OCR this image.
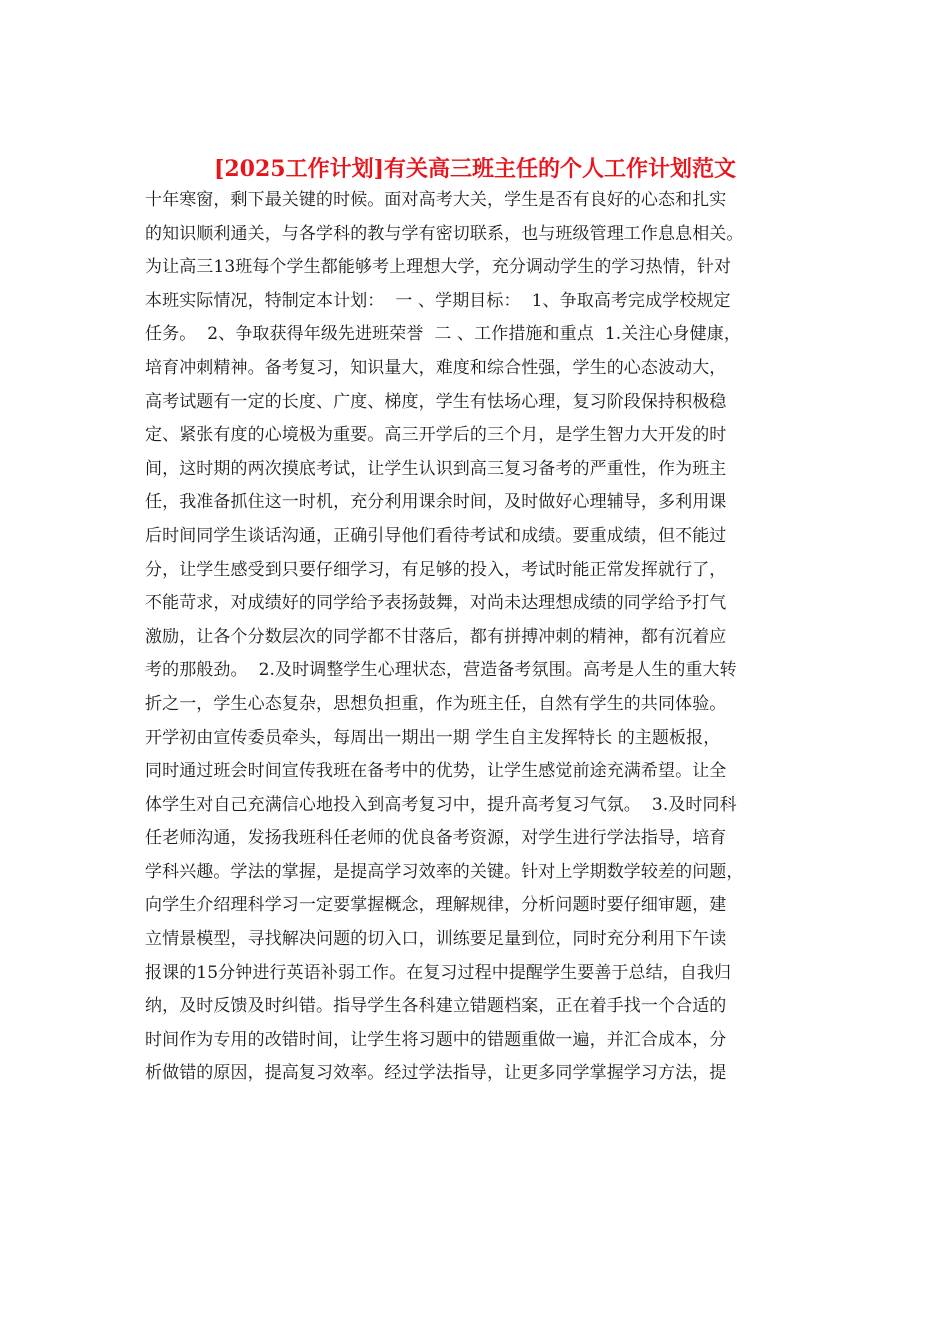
[2025工作计划]有关高三班主任的个人工作计划范文
十年寒窗，剩下最关键的时候。面对高考大关，学生是否有良好的心态和扎实
的知识顺利通关，与各学科的教与学有密切联系，也与班级管理工作息息相关。
为让高三13班每个学生都能够考上理想大学，充分调动学生的学习热情，针对
本班实际情况，特制定本计划：  一 、学期目标：  1、争取高考完成学校规定
任务。  2、争取获得年级先进班荣誉  二 、工作措施和重点  1.关注心身健康，
培育冲刺精神。备考复习，知识量大，难度和综合性强，学生的心态波动大，
高考试题有一定的长度、广度、梯度，学生有怯场心理，复习阶段保持积极稳
定、紧张有度的心境极为重要。高三开学后的三个月，是学生智力大开发的时
间，这时期的两次摸底考试，让学生认识到高三复习备考的严重性，作为班主
任，我准备抓住这一时机，充分利用课余时间，及时做好心理辅导，多利用课
后时间同学生谈话沟通，正确引导他们看待考试和成绩。要重成绩，但不能过
分，让学生感受到只要仔细学习，有足够的投入，考试时能正常发挥就行了，
不能苛求，对成绩好的同学给予表扬鼓舞，对尚未达理想成绩的同学给予打气
激励，让各个分数层次的同学都不甘落后，都有拼搏冲刺的精神，都有沉着应
考的那般劲。  2.及时调整学生心理状态，营造备考氛围。高考是人生的重大转
折之一，学生心态复杂，思想负担重，作为班主任，自然有学生的共同体验。
开学初由宣传委员牵头，每周出一期出一期 学生自主发挥特长 的主题板报，
同时通过班会时间宣传我班在备考中的优势，让学生感觉前途充满希望。让全
体学生对自己充满信心地投入到高考复习中，提升高考复习气氛。  3.及时同科
任老师沟通，发扬我班科任老师的优良备考资源，对学生进行学法指导，培育
学科兴趣。学法的掌握，是提高学习效率的关键。针对上学期数学较差的问题，
向学生介绍理科学习一定要掌握概念，理解规律，分析问题时要仔细审题，建
立情景模型，寻找解决问题的切入口，训练要足量到位，同时充分利用下午读
报课的15分钟进行英语补弱工作。在复习过程中提醒学生要善于总结，自我归
纳，及时反馈及时纠错。指导学生各科建立错题档案，正在着手找一个合适的
时间作为专用的改错时间，让学生将习题中的错题重做一遍，并汇合成本，分
析做错的原因，提高复习效率。经过学法指导，让更多同学掌握学习方法，提
